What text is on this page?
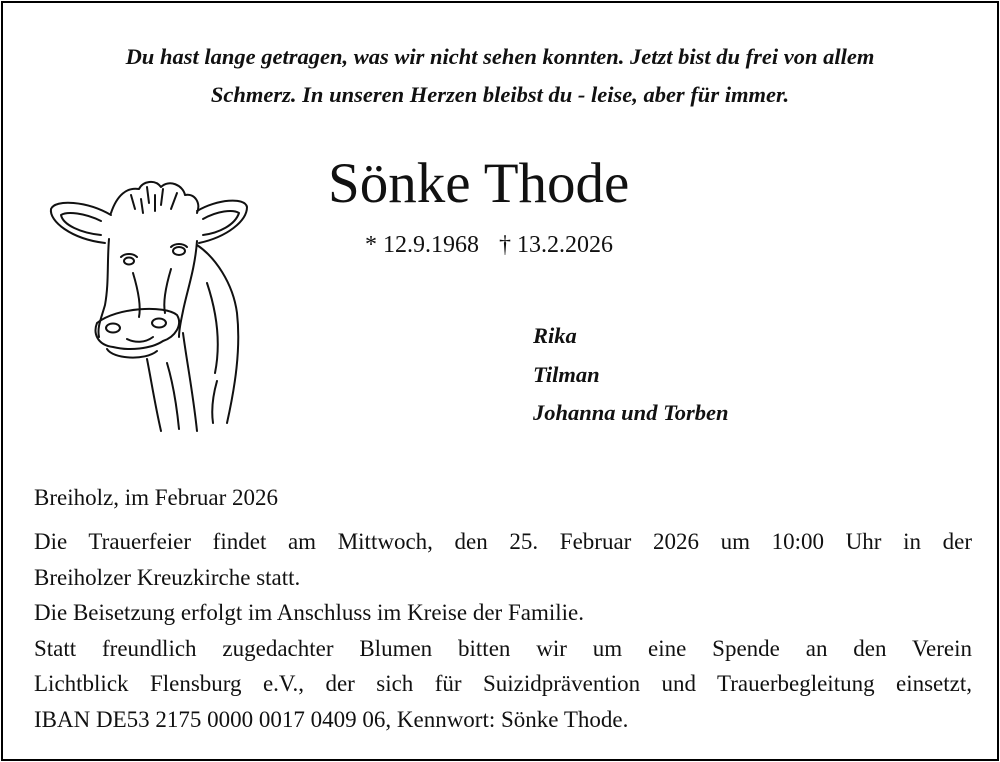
Du hast lange getragen, was wir nicht sehen konnten. Jetzt bist du frei von allem
Schmerz. In unseren Herzen bleibst du - leise, aber für immer.
Sönke Thode
* 12.9.1968 † 13.2.2026
Rika
Tilman
Johanna und Torben
Breiholz, im Februar 2026
Die Trauerfeier findet am Mittwoch, den 25. Februar 2026 um 10:00 Uhr in der
Breiholzer Kreuzkirche statt.
Die Beisetzung erfolgt im Anschluss im Kreise der Familie.
Statt freundlich zugedachter Blumen bitten wir um eine Spende an den Verein
Lichtblick Flensburg e.V., der sich für Suizidprävention und Trauerbegleitung einsetzt,
IBAN DE53 2175 0000 0017 0409 06, Kennwort: Sönke Thode.
